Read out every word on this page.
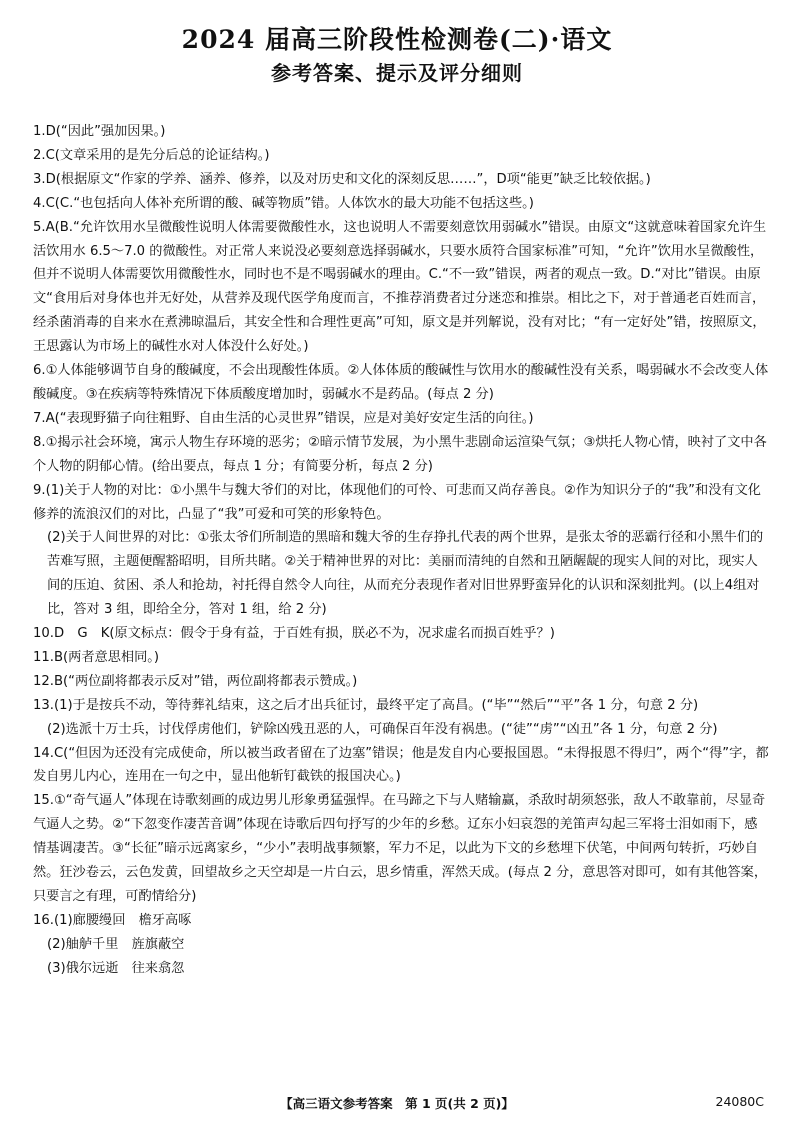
2024 届高三阶段性检测卷(二)·语文
参考答案、提示及评分细则
1.D(“因此”强加因果。)
2.C(文章采用的是先分后总的论证结构。)
3.D(根据原文“作家的学养、涵养、修养，以及对历史和文化的深刻反思……”，D项“能更”缺乏比较依据。)
4.C(C.“也包括向人体补充所谓的酸、碱等物质”错。人体饮水的最大功能不包括这些。)
5.A(B.“允许饮用水呈微酸性说明人体需要微酸性水，这也说明人不需要刻意饮用弱碱水”错误。由原文“这就意味着国家允许生活饮用水 6.5～7.0 的微酸性。对正常人来说没必要刻意选择弱碱水，只要水质符合国家标准”可知，“允许”饮用水呈微酸性，但并不说明人体需要饮用微酸性水，同时也不是不喝弱碱水的理由。C.“不一致”错误，两者的观点一致。D.“对比”错误。由原文“食用后对身体也并无好处，从营养及现代医学角度而言，不推荐消费者过分迷恋和推崇。相比之下，对于普通老百姓而言，经杀菌消毒的自来水在煮沸晾温后，其安全性和合理性更高”可知，原文是并列解说，没有对比；“有一定好处”错，按照原文，王思露认为市场上的碱性水对人体没什么好处。)
6.①人体能够调节自身的酸碱度，不会出现酸性体质。②人体体质的酸碱性与饮用水的酸碱性没有关系，喝弱碱水不会改变人体酸碱度。③在疾病等特殊情况下体质酸度增加时，弱碱水不是药品。(每点 2 分)
7.A(“表现野猫子向往粗野、自由生活的心灵世界”错误，应是对美好安定生活的向往。)
8.①揭示社会环境，寓示人物生存环境的恶劣；②暗示情节发展，为小黑牛悲剧命运渲染气氛；③烘托人物心情，映衬了文中各个人物的阴郁心情。(给出要点，每点 1 分；有简要分析，每点 2 分)
9.(1)关于人物的对比：①小黑牛与魏大爷们的对比，体现他们的可怜、可悲而又尚存善良。②作为知识分子的“我”和没有文化修养的流浪汉们的对比，凸显了“我”可爱和可笑的形象特色。
(2)关于人间世界的对比：①张太爷们所制造的黑暗和魏大爷的生存挣扎代表的两个世界，是张太爷的恶霸行径和小黑牛们的苦难写照，主题便醒豁昭明，目所共睹。②关于精神世界的对比：美丽而清纯的自然和丑陋龌龊的现实人间的对比，现实人间的压迫、贫困、杀人和抢劫，衬托得自然令人向往，从而充分表现作者对旧世界野蛮异化的认识和深刻批判。(以上4组对比，答对 3 组，即给全分，答对 1 组，给 2 分)
10.D　G　K(原文标点：假令于身有益，于百姓有损，朕必不为，况求虚名而损百姓乎？)
11.B(两者意思相同。)
12.B(“两位副将都表示反对”错，两位副将都表示赞成。)
13.(1)于是按兵不动，等待葬礼结束，这之后才出兵征讨，最终平定了高昌。(“毕”“然后”“平”各 1 分，句意 2 分)
(2)选派十万士兵，讨伐俘虏他们，铲除凶残丑恶的人，可确保百年没有祸患。(“徒”“虏”“凶丑”各 1 分，句意 2 分)
14.C(“但因为还没有完成使命，所以被当政者留在了边塞”错误；他是发自内心要报国恩。“未得报恩不得归”，两个“得”字，都发自男儿内心，连用在一句之中，显出他斩钉截铁的报国决心。)
15.①“奇气逼人”体现在诗歌刻画的成边男儿形象勇猛强悍。在马蹄之下与人赌输赢，杀敌时胡须怒张，敌人不敢靠前，尽显奇气逼人之势。②“下忽变作凄苦音调”体现在诗歌后四句抒写的少年的乡愁。辽东小妇哀怨的羌笛声勾起三军将士泪如雨下，感情基调凄苦。③“长征”暗示远离家乡，“少小”表明战事频繁，军力不足，以此为下文的乡愁埋下伏笔，中间两句转折，巧妙自然。狂沙卷云，云色发黄，回望故乡之天空却是一片白云，思乡情重，浑然天成。(每点 2 分，意思答对即可，如有其他答案，只要言之有理，可酌情给分)
16.(1)廊腰缦回　檐牙高啄
(2)舳舻千里　旌旗蔽空
(3)俄尔远逝　往来翕忽
【高三语文参考答案　第 1 页(共 2 页)】	24080C
